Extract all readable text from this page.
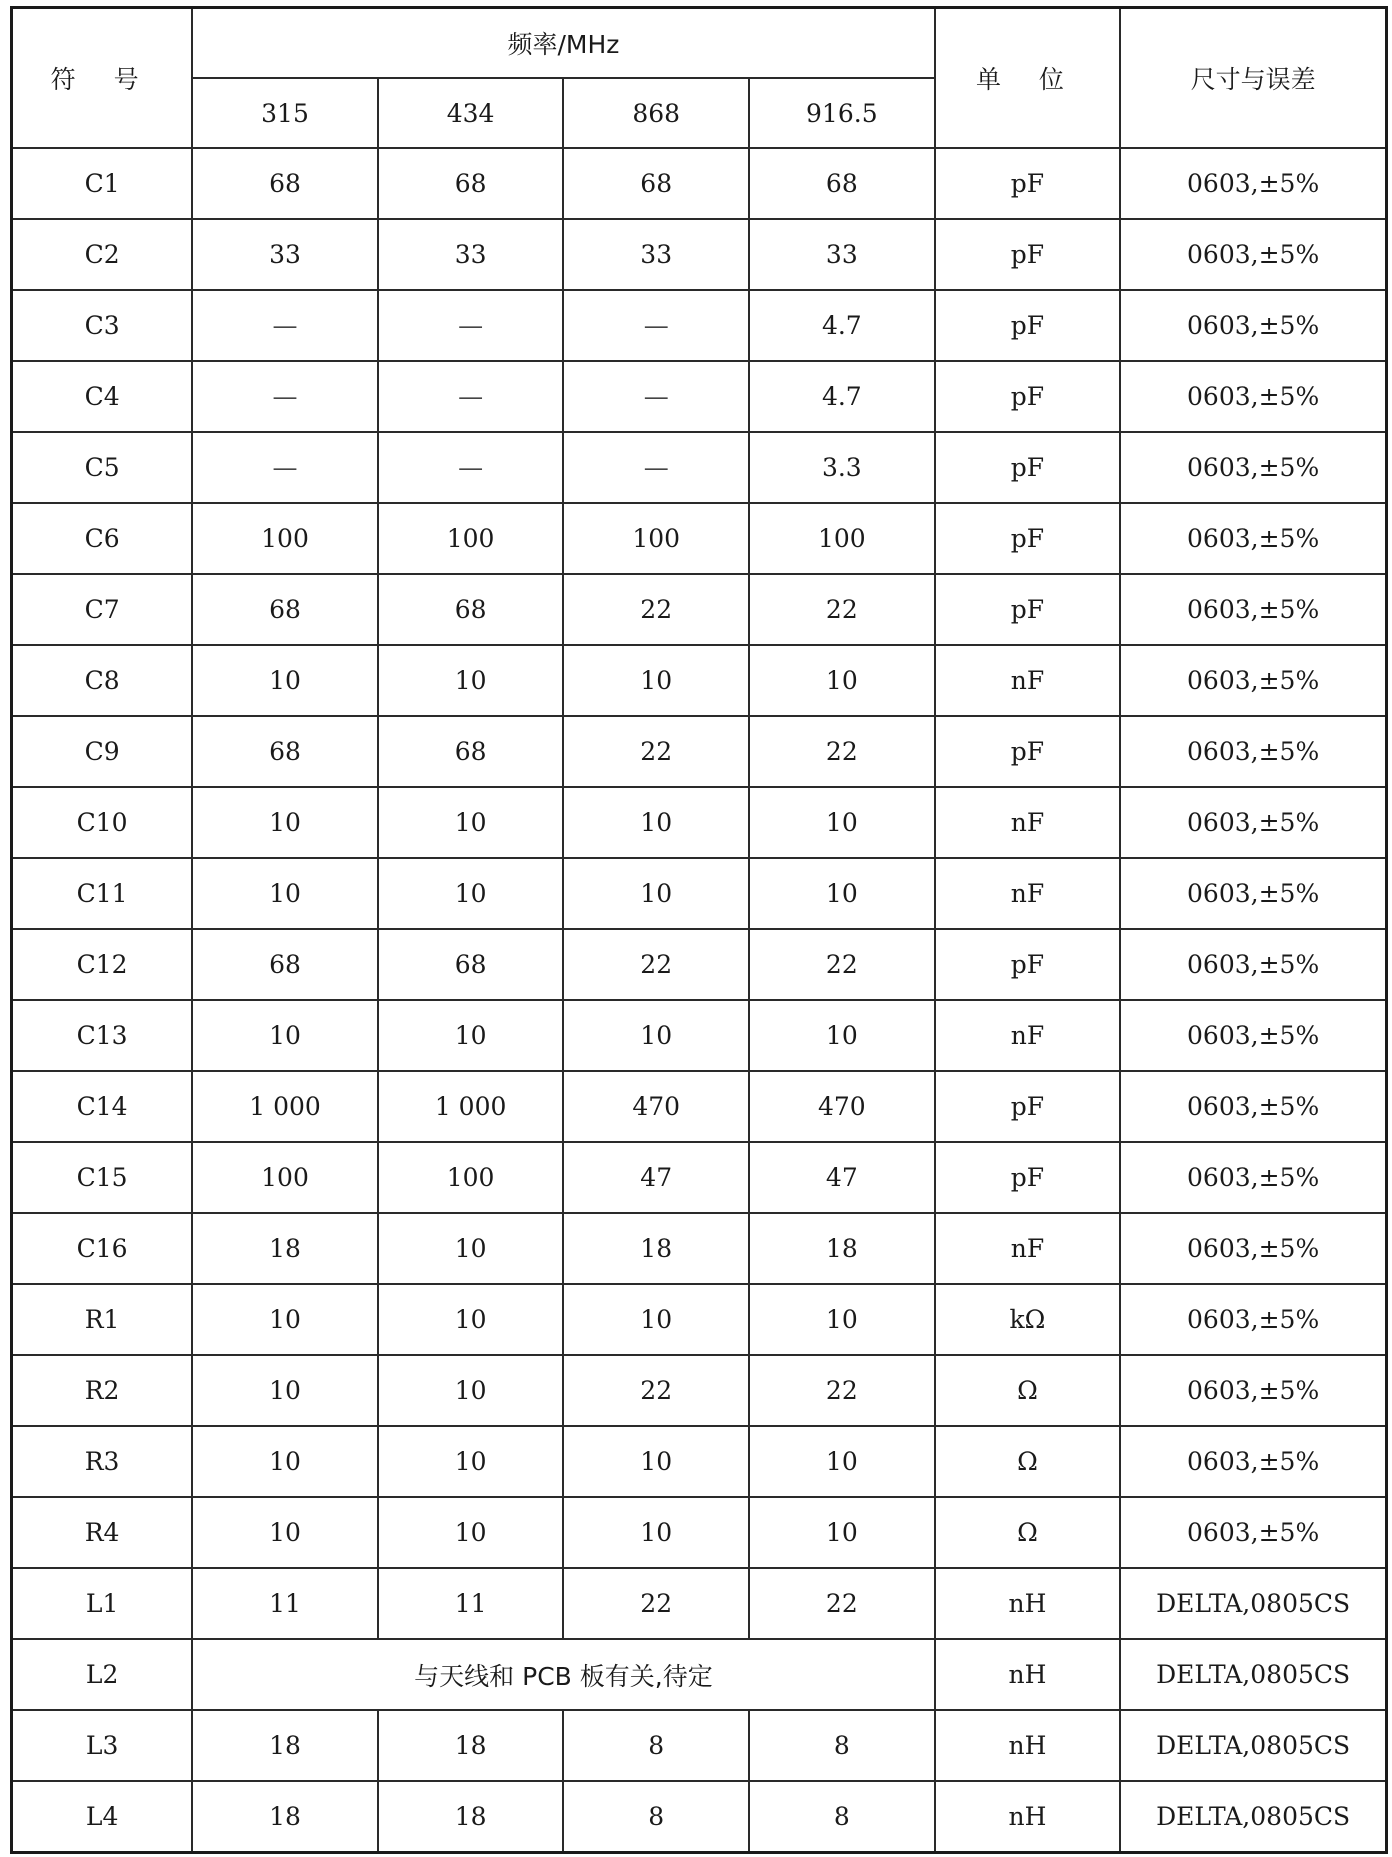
符 号	频率/MHz				单 位	尺寸与误差
	315	434	868	916.5		
C1	68	68	68	68	pF	0603,±5%
C2	33	33	33	33	pF	0603,±5%
C3	—	—	—	4.7	pF	0603,±5%
C4	—	—	—	4.7	pF	0603,±5%
C5	—	—	—	3.3	pF	0603,±5%
C6	100	100	100	100	pF	0603,±5%
C7	68	68	22	22	pF	0603,±5%
C8	10	10	10	10	nF	0603,±5%
C9	68	68	22	22	pF	0603,±5%
C10	10	10	10	10	nF	0603,±5%
C11	10	10	10	10	nF	0603,±5%
C12	68	68	22	22	pF	0603,±5%
C13	10	10	10	10	nF	0603,±5%
C14	1 000	1 000	470	470	pF	0603,±5%
C15	100	100	47	47	pF	0603,±5%
C16	18	10	18	18	nF	0603,±5%
R1	10	10	10	10	kΩ	0603,±5%
R2	10	10	22	22	Ω	0603,±5%
R3	10	10	10	10	Ω	0603,±5%
R4	10	10	10	10	Ω	0603,±5%
L1	11	11	22	22	nH	DELTA,0805CS
L2	与天线和 PCB 板有关,待定				nH	DELTA,0805CS
L3	18	18	8	8	nH	DELTA,0805CS
L4	18	18	8	8	nH	DELTA,0805CS
